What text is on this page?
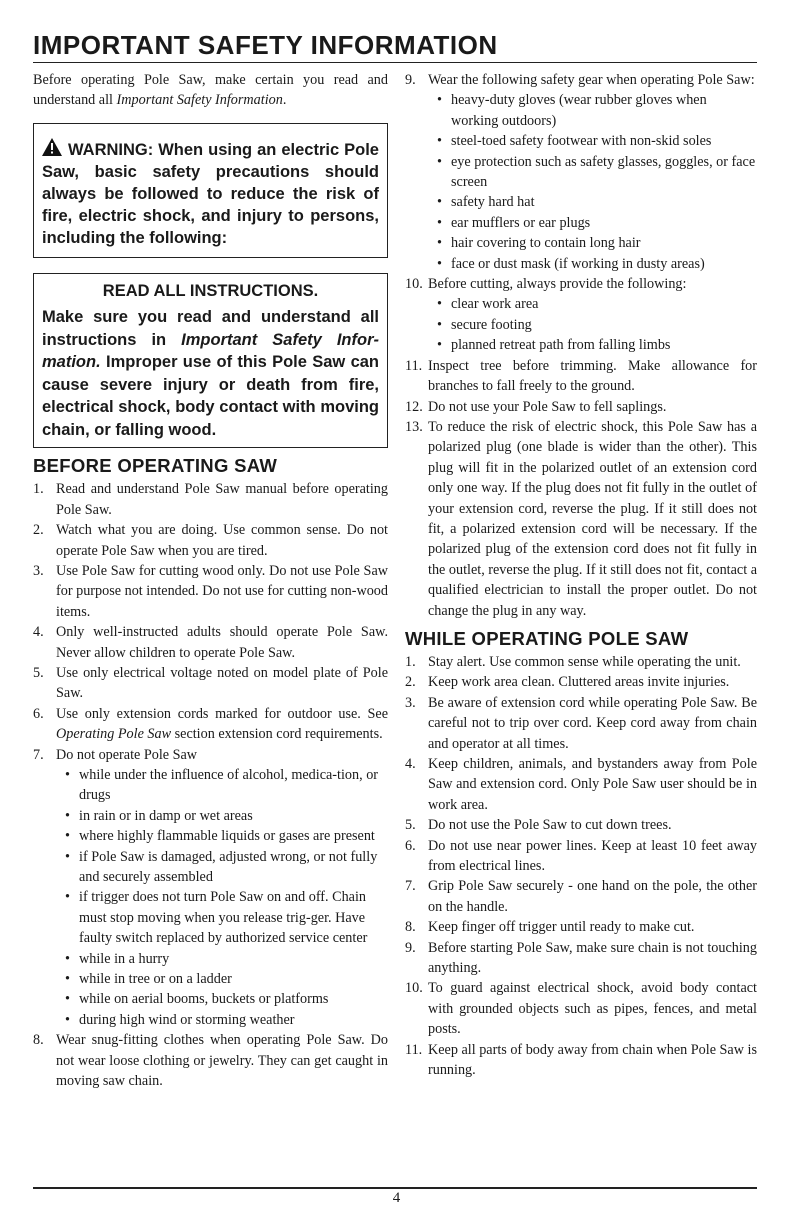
IMPORTANT SAFETY INFORMATION

Before operating Pole Saw, make certain you read and understand all Important Safety Information.

WARNING: When using an electric Pole Saw, basic safety precautions should always be followed to reduce the risk of fire, electric shock, and injury to persons, including the following:
READ ALL INSTRUCTIONS.
Make sure you read and understand all instructions in Important Safety Infor-mation. Improper use of this Pole Saw can cause severe injury or death from fire, electrical shock, body contact with moving chain, or falling wood.
BEFORE OPERATING SAW
1. Read and understand Pole Saw manual before operating Pole Saw.
2. Watch what you are doing. Use common sense. Do not operate Pole Saw when you are tired.
3. Use Pole Saw for cutting wood only. Do not use Pole Saw for purpose not intended. Do not use for cutting non-wood items.
4. Only well-instructed adults should operate Pole Saw. Never allow children to operate Pole Saw.
5. Use only electrical voltage noted on model plate of Pole Saw.
6. Use only extension cords marked for outdoor use. See Operating Pole Saw section extension cord requirements.
7. Do not operate Pole Saw
• while under the influence of alcohol, medica-tion, or drugs
• in rain or in damp or wet areas
• where highly flammable liquids or gases are present
• if Pole Saw is damaged, adjusted wrong, or not fully and securely assembled
• if trigger does not turn Pole Saw on and off. Chain must stop moving when you release trig-ger. Have faulty switch replaced by authorized service center
• while in a hurry
• while in tree or on a ladder
• while on aerial booms, buckets or platforms
• during high wind or storming weather
8. Wear snug-fitting clothes when operating Pole Saw. Do not wear loose clothing or jewelry. They can get caught in moving saw chain.
9. Wear the following safety gear when operating Pole Saw:
• heavy-duty gloves (wear rubber gloves when working outdoors)
• steel-toed safety footwear with non-skid soles
• eye protection such as safety glasses, goggles, or face screen
• safety hard hat
• ear mufflers or ear plugs
• hair covering to contain long hair
• face or dust mask (if working in dusty areas)
10. Before cutting, always provide the following:
• clear work area
• secure footing
• planned retreat path from falling limbs
11. Inspect tree before trimming. Make allowance for branches to fall freely to the ground.
12. Do not use your Pole Saw to fell saplings.
13. To reduce the risk of electric shock, this Pole Saw has a polarized plug (one blade is wider than the other). This plug will fit in the polarized outlet of an extension cord only one way. If the plug does not fit fully in the outlet of your extension cord, reverse the plug. If it still does not fit, a polarized extension cord will be necessary. If the polarized plug of the extension cord does not fit fully in the outlet, reverse the plug. If it still does not fit, contact a qualified electrician to install the proper outlet. Do not change the plug in any way.
WHILE OPERATING POLE SAW
1. Stay alert. Use common sense while operating the unit.
2. Keep work area clean. Cluttered areas invite injuries.
3. Be aware of extension cord while operating Pole Saw. Be careful not to trip over cord. Keep cord away from chain and operator at all times.
4. Keep children, animals, and bystanders away from Pole Saw and extension cord. Only Pole Saw user should be in work area.
5. Do not use the Pole Saw to cut down trees.
6. Do not use near power lines. Keep at least 10 feet away from electrical lines.
7. Grip Pole Saw securely - one hand on the pole, the other on the handle.
8. Keep finger off trigger until ready to make cut.
9. Before starting Pole Saw, make sure chain is not touching anything.
10. To guard against electrical shock, avoid body contact with grounded objects such as pipes, fences, and metal posts.
11. Keep all parts of body away from chain when Pole Saw is running.
4
